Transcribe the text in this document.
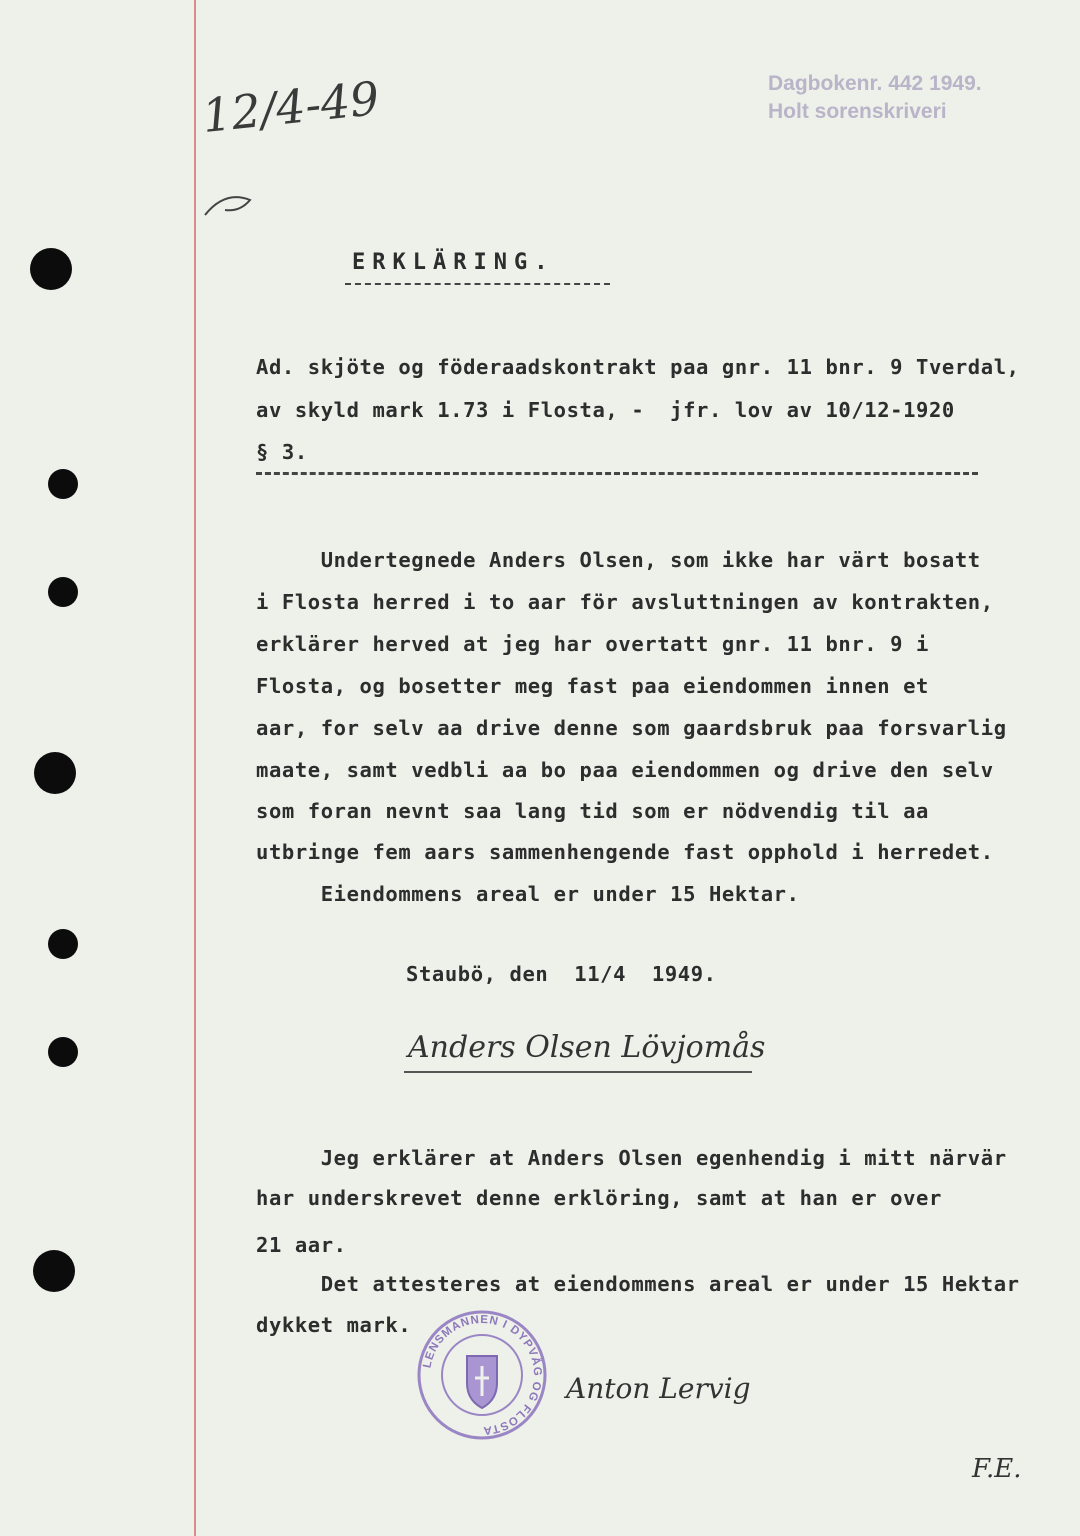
Dagbokenr. 442 1949.
Holt sorenskriveri
12/4-49
ERKLÄRING.
Ad. skjöte og föderaadskontrakt paa gnr. 11 bnr. 9 Tverdal,
av skyld mark 1.73 i Flosta, -  jfr. lov av 10/12-1920
§ 3.
Undertegnede Anders Olsen, som ikke har värt bosatt
i Flosta herred i to aar för avsluttningen av kontrakten,
erklärer herved at jeg har overtatt gnr. 11 bnr. 9 i
Flosta, og bosetter meg fast paa eiendommen innen et
aar, for selv aa drive denne som gaardsbruk paa forsvarlig
maate, samt vedbli aa bo paa eiendommen og drive den selv
som foran nevnt saa lang tid som er nödvendig til aa
utbringe fem aars sammenhengende fast opphold i herredet.
Eiendommens areal er under 15 Hektar.
Staubö, den  11/4  1949.
Anders Olsen Lövjomås
Jeg erklärer at Anders Olsen egenhendig i mitt närvär
har underskrevet denne erklöring, samt at han er over
21 aar.
Det attesteres at eiendommens areal er under 15 Hektar
dykket mark.
LENSMANNEN I DYPVÅG OG FLOSTA
Anton Lervig
F.E.
